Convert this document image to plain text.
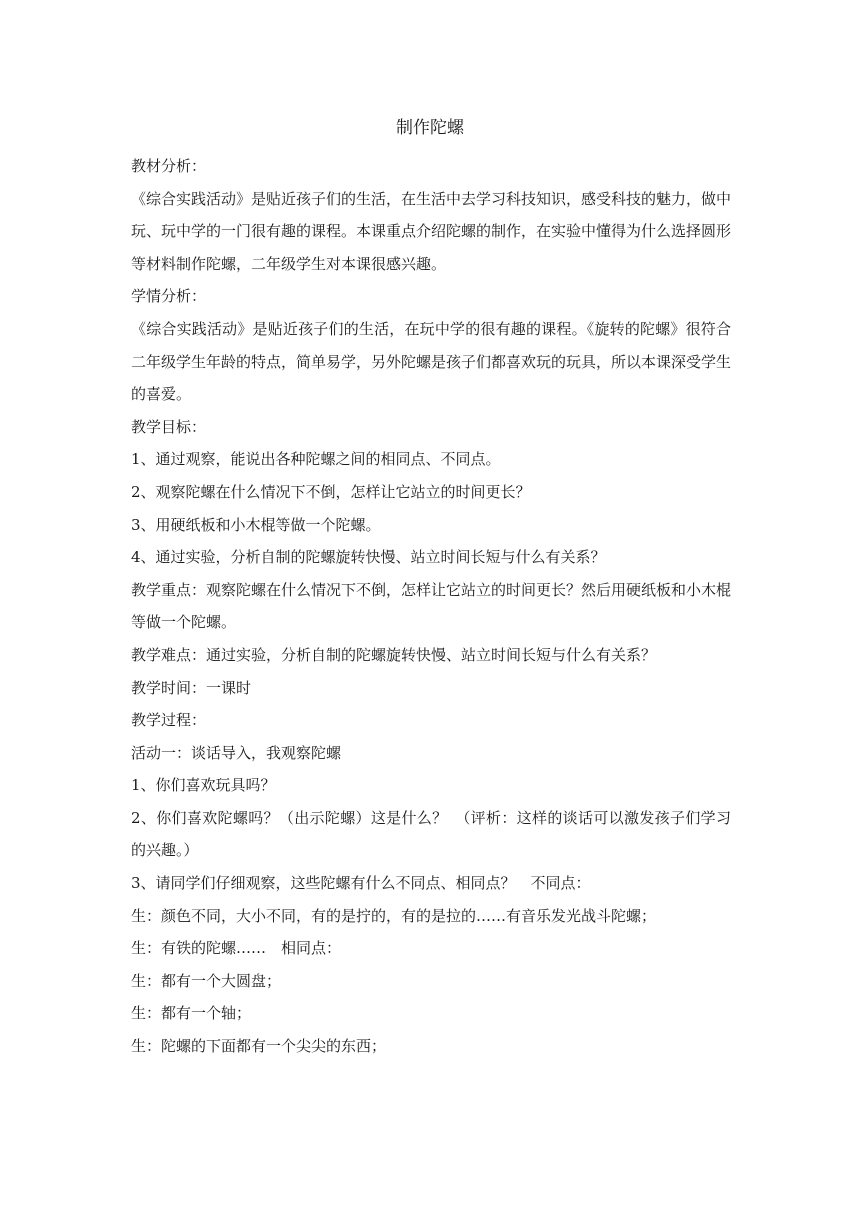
制作陀螺

教材分析：

《综合实践活动》是贴近孩子们的生活，在生活中去学习科技知识，感受科技的魅力，做中玩、玩中学的一门很有趣的课程。本课重点介绍陀螺的制作，在实验中懂得为什么选择圆形等材料制作陀螺，二年级学生对本课很感兴趣。

学情分析：

《综合实践活动》是贴近孩子们的生活，在玩中学的很有趣的课程。《旋转的陀螺》很符合二年级学生年龄的特点，简单易学，另外陀螺是孩子们都喜欢玩的玩具，所以本课深受学生的喜爱。

教学目标：

1、通过观察，能说出各种陀螺之间的相同点、不同点。

2、观察陀螺在什么情况下不倒，怎样让它站立的时间更长？

3、用硬纸板和小木棍等做一个陀螺。

4、通过实验，分析自制的陀螺旋转快慢、站立时间长短与什么有关系？

教学重点：观察陀螺在什么情况下不倒，怎样让它站立的时间更长？然后用硬纸板和小木棍等做一个陀螺。

教学难点：通过实验，分析自制的陀螺旋转快慢、站立时间长短与什么有关系？

教学时间：一课时

教学过程：

活动一：谈话导入，我观察陀螺

1、你们喜欢玩具吗？

2、你们喜欢陀螺吗？（出示陀螺）这是什么？　（评析：这样的谈话可以激发孩子们学习的兴趣。）

3、请同学们仔细观察，这些陀螺有什么不同点、相同点？　不同点：

生：颜色不同，大小不同，有的是拧的，有的是拉的……有音乐发光战斗陀螺；

生：有铁的陀螺……　相同点：

生：都有一个大圆盘；

生：都有一个轴；

生：陀螺的下面都有一个尖尖的东西；
